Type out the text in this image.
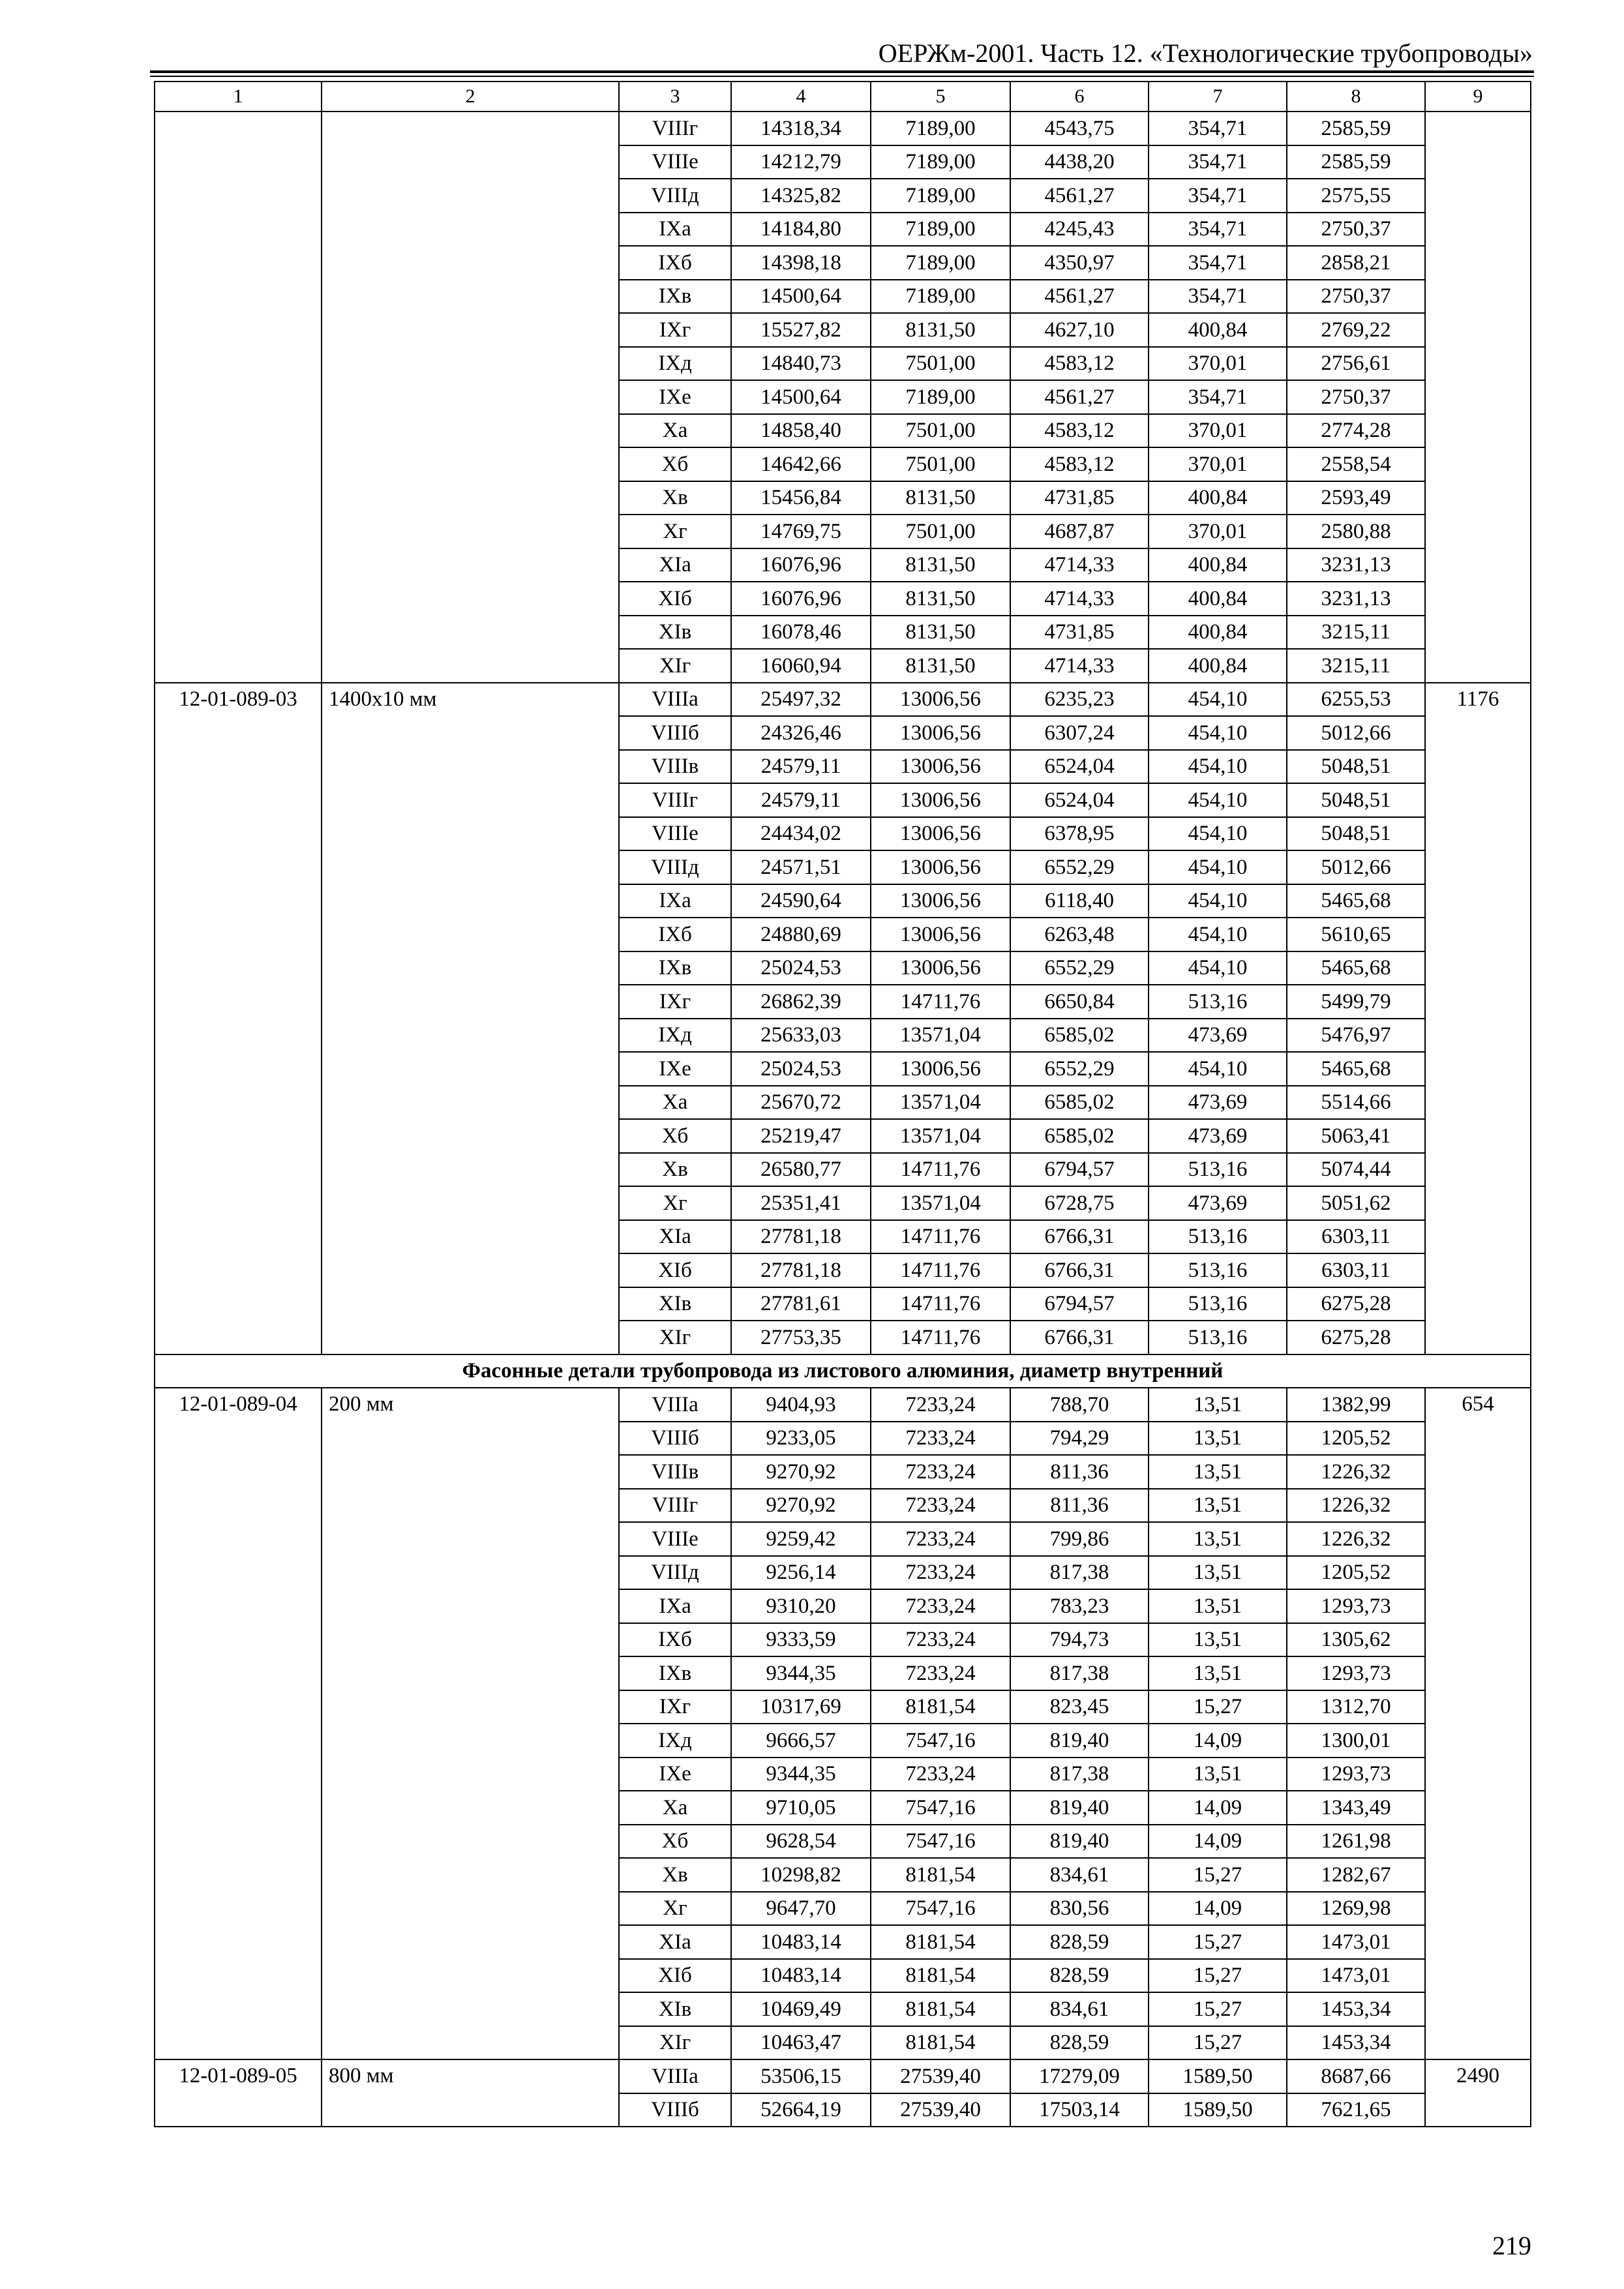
ОЕРЖм-2001. Часть 12. «Технологические трубопроводы»
1	2	3	4	5	6	7	8	9
		VIIIг	14318,34	7189,00	4543,75	354,71	2585,59	
		VIIIе	14212,79	7189,00	4438,20	354,71	2585,59	
		VIIIд	14325,82	7189,00	4561,27	354,71	2575,55	
		IXа	14184,80	7189,00	4245,43	354,71	2750,37	
		IXб	14398,18	7189,00	4350,97	354,71	2858,21	
		IXв	14500,64	7189,00	4561,27	354,71	2750,37	
		IXг	15527,82	8131,50	4627,10	400,84	2769,22	
		IXд	14840,73	7501,00	4583,12	370,01	2756,61	
		IXе	14500,64	7189,00	4561,27	354,71	2750,37	
		Xа	14858,40	7501,00	4583,12	370,01	2774,28	
		Xб	14642,66	7501,00	4583,12	370,01	2558,54	
		Xв	15456,84	8131,50	4731,85	400,84	2593,49	
		Xг	14769,75	7501,00	4687,87	370,01	2580,88	
		XIа	16076,96	8131,50	4714,33	400,84	3231,13	
		XIб	16076,96	8131,50	4714,33	400,84	3231,13	
		XIв	16078,46	8131,50	4731,85	400,84	3215,11	
		XIг	16060,94	8131,50	4714,33	400,84	3215,11	
12-01-089-03	1400х10 мм	VIIIа	25497,32	13006,56	6235,23	454,10	6255,53	1176
		VIIIб	24326,46	13006,56	6307,24	454,10	5012,66	
		VIIIв	24579,11	13006,56	6524,04	454,10	5048,51	
		VIIIг	24579,11	13006,56	6524,04	454,10	5048,51	
		VIIIе	24434,02	13006,56	6378,95	454,10	5048,51	
		VIIIд	24571,51	13006,56	6552,29	454,10	5012,66	
		IXа	24590,64	13006,56	6118,40	454,10	5465,68	
		IXб	24880,69	13006,56	6263,48	454,10	5610,65	
		IXв	25024,53	13006,56	6552,29	454,10	5465,68	
		IXг	26862,39	14711,76	6650,84	513,16	5499,79	
		IXд	25633,03	13571,04	6585,02	473,69	5476,97	
		IXе	25024,53	13006,56	6552,29	454,10	5465,68	
		Xа	25670,72	13571,04	6585,02	473,69	5514,66	
		Xб	25219,47	13571,04	6585,02	473,69	5063,41	
		Xв	26580,77	14711,76	6794,57	513,16	5074,44	
		Xг	25351,41	13571,04	6728,75	473,69	5051,62	
		XIа	27781,18	14711,76	6766,31	513,16	6303,11	
		XIб	27781,18	14711,76	6766,31	513,16	6303,11	
		XIв	27781,61	14711,76	6794,57	513,16	6275,28	
		XIг	27753,35	14711,76	6766,31	513,16	6275,28	
Фасонные детали трубопровода из листового алюминия, диаметр внутренний								
12-01-089-04	200 мм	VIIIа	9404,93	7233,24	788,70	13,51	1382,99	654
		VIIIб	9233,05	7233,24	794,29	13,51	1205,52	
		VIIIв	9270,92	7233,24	811,36	13,51	1226,32	
		VIIIг	9270,92	7233,24	811,36	13,51	1226,32	
		VIIIе	9259,42	7233,24	799,86	13,51	1226,32	
		VIIIд	9256,14	7233,24	817,38	13,51	1205,52	
		IXа	9310,20	7233,24	783,23	13,51	1293,73	
		IXб	9333,59	7233,24	794,73	13,51	1305,62	
		IXв	9344,35	7233,24	817,38	13,51	1293,73	
		IXг	10317,69	8181,54	823,45	15,27	1312,70	
		IXд	9666,57	7547,16	819,40	14,09	1300,01	
		IXе	9344,35	7233,24	817,38	13,51	1293,73	
		Xа	9710,05	7547,16	819,40	14,09	1343,49	
		Xб	9628,54	7547,16	819,40	14,09	1261,98	
		Xв	10298,82	8181,54	834,61	15,27	1282,67	
		Xг	9647,70	7547,16	830,56	14,09	1269,98	
		XIа	10483,14	8181,54	828,59	15,27	1473,01	
		XIб	10483,14	8181,54	828,59	15,27	1473,01	
		XIв	10469,49	8181,54	834,61	15,27	1453,34	
		XIг	10463,47	8181,54	828,59	15,27	1453,34	
12-01-089-05	800 мм	VIIIа	53506,15	27539,40	17279,09	1589,50	8687,66	2490
		VIIIб	52664,19	27539,40	17503,14	1589,50	7621,65	
219
